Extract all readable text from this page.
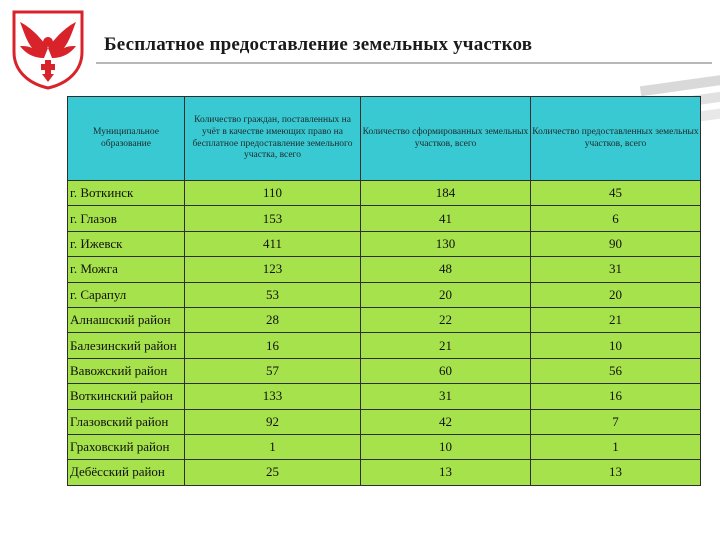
Бесплатное предоставление земельных участков
Муниципальное образование	Количество граждан, поставленных на учёт в качестве имеющих право на бесплатное предоставление земельного участка, всего	Количество сформированных земельных участков, всего	Количество предоставленных земельных участков, всего
г. Воткинск	110	184	45
г. Глазов	153	41	6
г. Ижевск	411	130	90
г. Можга	123	48	31
г. Сарапул	53	20	20
Алнашский район	28	22	21
Балезинский район	16	21	10
Вавожский район	57	60	56
Воткинский район	133	31	16
Глазовский район	92	42	7
Граховский район	1	10	1
Дебёсский район	25	13	13
